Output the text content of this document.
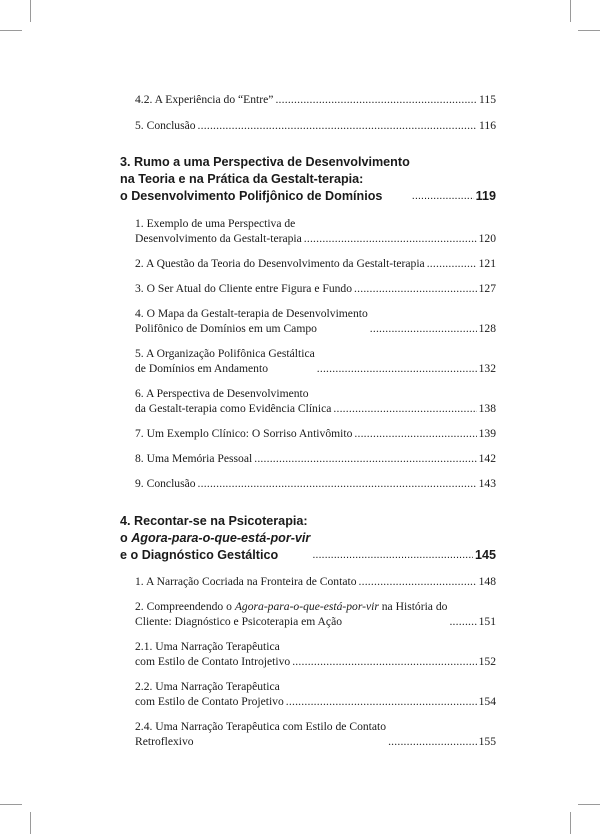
4.2. A Experiência do “Entre” .....	115
5. Conclusão .....	116
3. Rumo a uma Perspectiva de Desenvolvimento
na Teoria e na Prática da Gestalt-terapia:
o Desenvolvimento Polifjônico de Domínios .....	119
1. Exemplo de uma Perspectiva de
Desenvolvimento da Gestalt-terapia .....	120
2. A Questão da Teoria do Desenvolvimento da Gestalt-terapia .....	121
3. O Ser Atual do Cliente entre Figura e Fundo .....	127
4. O Mapa da Gestalt-terapia de Desenvolvimento
Polifônico de Domínios em um Campo .....	128
5. A Organização Polifônica Gestáltica
de Domínios em Andamento .....	132
6. A Perspectiva de Desenvolvimento
da Gestalt-terapia como Evidência Clínica .....	138
7. Um Exemplo Clínico: O Sorriso Antivômito .....	139
8. Uma Memória Pessoal .....	142
9. Conclusão .....	143
4. Recontar-se na Psicoterapia:
o Agora-para-o-que-está-por-vir
e o Diagnóstico Gestáltico .....	145
1. A Narração Cocriada na Fronteira de Contato .....	148
2. Compreendendo o Agora-para-o-que-está-por-vir na História do
Cliente: Diagnóstico e Psicoterapia em Ação .....	151
2.1. Uma Narração Terapêutica
com Estilo de Contato Introjetivo .....	152
2.2. Uma Narração Terapêutica
com Estilo de Contato Projetivo .....	154
2.4. Uma Narração Terapêutica com Estilo de Contato
Retroflexivo .....	155
